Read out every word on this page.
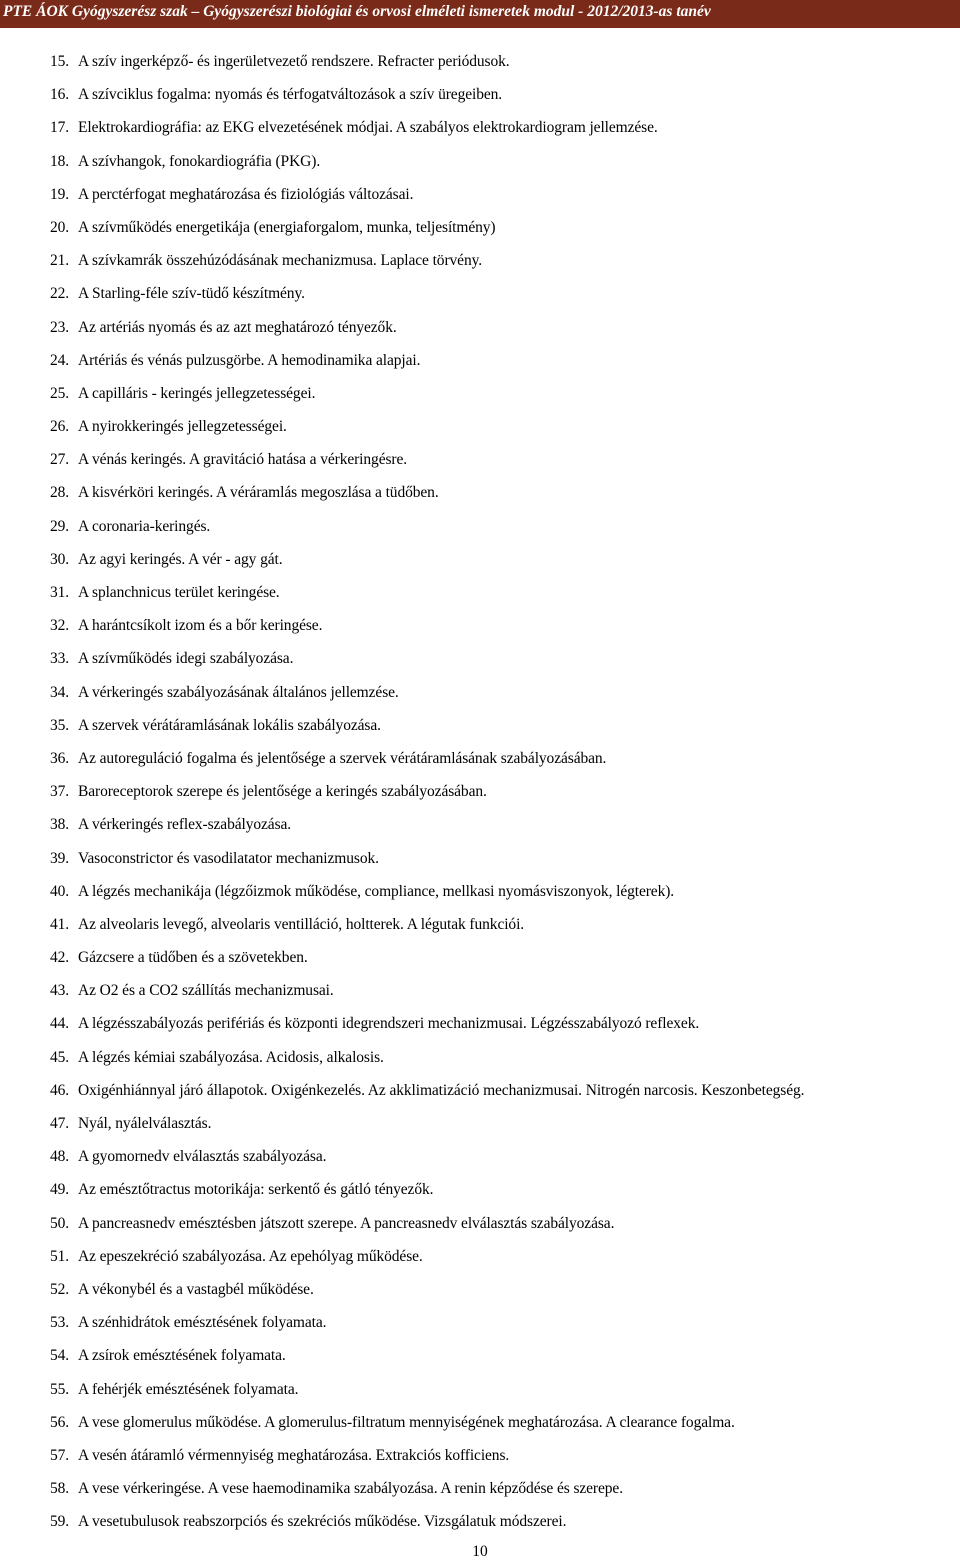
PTE ÁOK Gyógyszerész szak – Gyógyszerészi biológiai és orvosi elméleti ismeretek modul - 2012/2013-as tanév
15. A szív ingerképző- és ingerületvezető rendszere. Refracter periódusok.
16. A szívciklus fogalma: nyomás és térfogatváltozások a szív üregeiben.
17. Elektrokardiográfia: az EKG elvezetésének módjai. A szabályos elektrokardiogram jellemzése.
18. A szívhangok, fonokardiográfia (PKG).
19. A perctérfogat meghatározása és fiziológiás változásai.
20. A szívműködés energetikája (energiaforgalom, munka, teljesítmény)
21. A szívkamrák összehúzódásának mechanizmusa. Laplace törvény.
22. A Starling-féle szív-tüdő készítmény.
23. Az artériás nyomás és az azt meghatározó tényezők.
24. Artériás és vénás pulzusgörbe. A hemodinamika alapjai.
25. A capilláris - keringés jellegzetességei.
26. A nyirokkeringés jellegzetességei.
27. A vénás keringés. A gravitáció hatása a vérkeringésre.
28. A kisvérköri keringés. A véráramlás megoszlása a tüdőben.
29. A coronaria-keringés.
30. Az agyi keringés. A vér - agy gát.
31. A splanchnicus terület keringése.
32. A harántcsíkolt izom és a bőr keringése.
33. A szívműködés idegi szabályozása.
34. A vérkeringés szabályozásának általános jellemzése.
35. A szervek vérátáramlásának lokális szabályozása.
36. Az autoreguláció fogalma és jelentősége a szervek vérátáramlásának szabályozásában.
37. Baroreceptorok szerepe és jelentősége a keringés szabályozásában.
38. A vérkeringés reflex-szabályozása.
39. Vasoconstrictor és vasodilatator mechanizmusok.
40. A légzés mechanikája (légzőizmok működése, compliance, mellkasi nyomásviszonyok, légterek).
41. Az alveolaris levegő, alveolaris ventilláció, holtterek. A légutak funkciói.
42. Gázcsere a tüdőben és a szövetekben.
43. Az O2 és a CO2 szállítás mechanizmusai.
44. A légzésszabályozás perifériás és központi idegrendszeri mechanizmusai. Légzésszabályozó reflexek.
45. A légzés kémiai szabályozása. Acidosis, alkalosis.
46. Oxigénhiánnyal járó állapotok. Oxigénkezelés. Az akklimatizáció mechanizmusai. Nitrogén narcosis. Keszonbetegség.
47. Nyál, nyálelválasztás.
48. A gyomornedv elválasztás szabályozása.
49. Az emésztőtractus motorikája: serkentő és gátló tényezők.
50. A pancreasnedv emésztésben játszott szerepe. A pancreasnedv elválasztás szabályozása.
51. Az epeszekréció szabályozása. Az epehólyag működése.
52. A vékonybél és a vastagbél működése.
53. A szénhidrátok emésztésének folyamata.
54. A zsírok emésztésének folyamata.
55. A fehérjék emésztésének folyamata.
56. A vese glomerulus működése. A glomerulus-filtratum mennyiségének meghatározása. A clearance fogalma.
57. A vesén átáramló vérmennyiség meghatározása. Extrakciós kofficiens.
58. A vese vérkeringése. A vese haemodinamika szabályozása. A renin képződése és szerepe.
59. A vesetubulusok reabszorpciós és szekréciós működése. Vizsgálatuk módszerei.
10
